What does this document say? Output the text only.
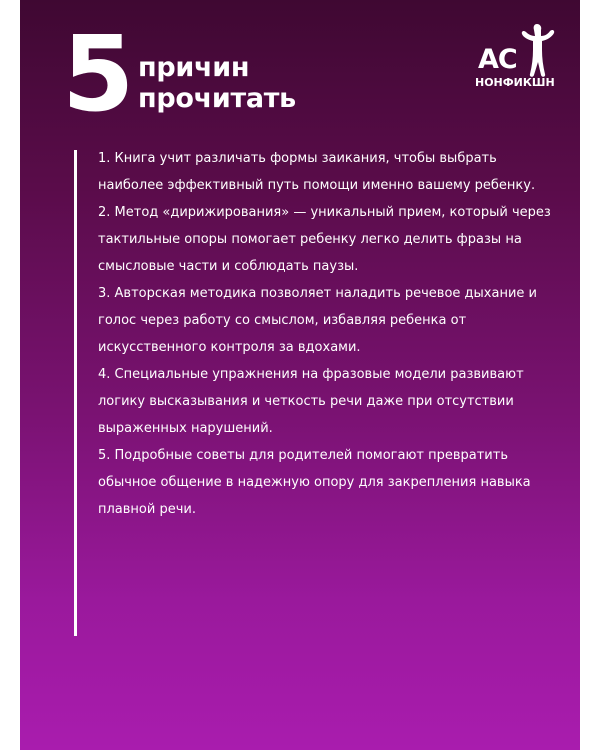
5 причин
прочитать
AC
НОНФИКШН
1. Книга учит различать формы заикания, чтобы выбрать наиболее эффективный путь помощи именно вашему ребенку.
2. Метод «дирижирования» — уникальный прием, который через тактильные опоры помогает ребенку легко делить фразы на смысловые части и соблюдать паузы.
3. Авторская методика позволяет наладить речевое дыхание и голос через работу со смыслом, избавляя ребенка от искусственного контроля за вдохами.
4. Специальные упражнения на фразовые модели развивают логику высказывания и четкость речи даже при отсутствии выраженных нарушений.
5. Подробные советы для родителей помогают превратить обычное общение в надежную опору для закрепления навыка плавной речи.
